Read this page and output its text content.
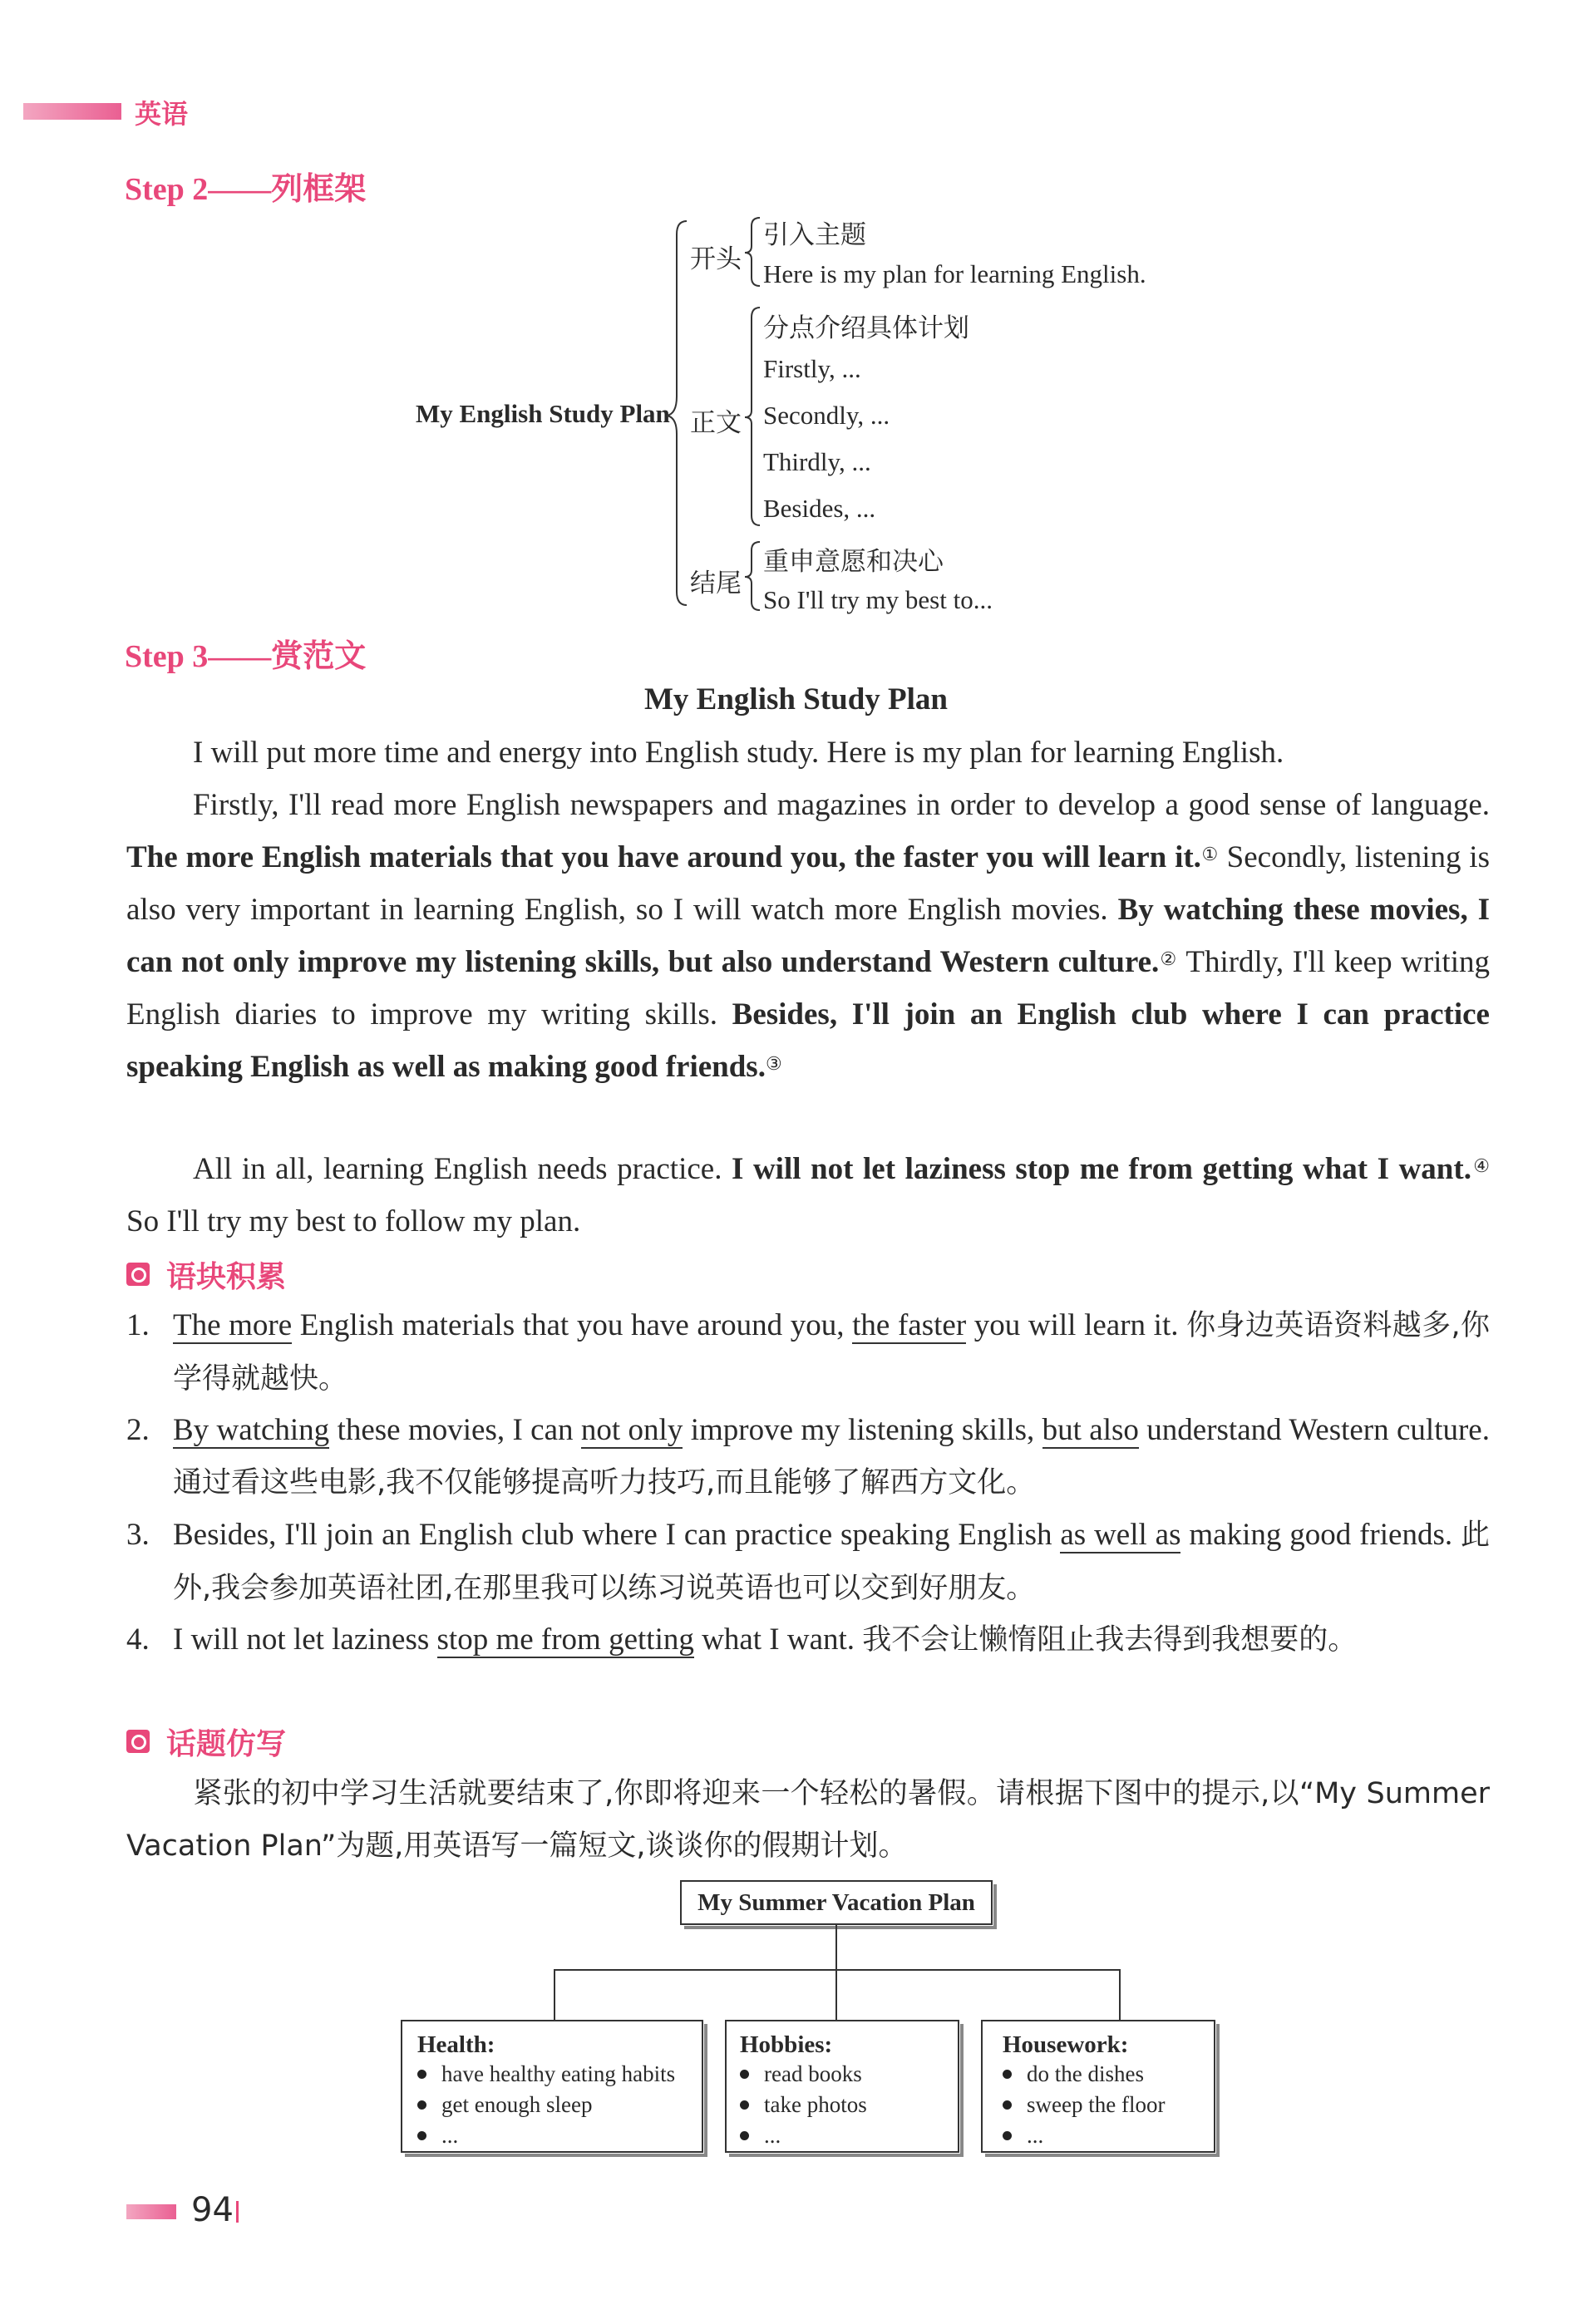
英语
Step 2——列框架
My English Study Plan
开头
引入主题
Here is my plan for learning English.
正文
分点介绍具体计划
Firstly, ...
Secondly, ...
Thirdly, ...
Besides, ...
结尾
重申意愿和决心
So I'll try my best to...
Step 3——赏范文
My English Study Plan
I will put more time and energy into English study. Here is my plan for learning English.
Firstly, I'll read more English newspapers and magazines in order to develop a good sense of language. The more English materials that you have around you, the faster you will learn it.① Secondly, listening is also very important in learning English, so I will watch more English movies. By watching these movies, I can not only improve my listening skills, but also understand Western culture.② Thirdly, I'll keep writing English diaries to improve my writing skills. Besides, I'll join an English club where I can practice speaking English as well as making good friends.③
All in all, learning English needs practice. I will not let laziness stop me from getting what I want.④ So I'll try my best to follow my plan.
语块积累
1. The more English materials that you have around you, the faster you will learn it. 你身边英语资料越多,你学得就越快。
2. By watching these movies, I can not only improve my listening skills, but also understand Western culture. 通过看这些电影,我不仅能够提高听力技巧,而且能够了解西方文化。
3. Besides, I'll join an English club where I can practice speaking English as well as making good friends. 此外,我会参加英语社团,在那里我可以练习说英语也可以交到好朋友。
4. I will not let laziness stop me from getting what I want. 我不会让懒惰阻止我去得到我想要的。
话题仿写
紧张的初中学习生活就要结束了,你即将迎来一个轻松的暑假。请根据下图中的提示,以“My Summer Vacation Plan”为题,用英语写一篇短文,谈谈你的假期计划。
My Summer Vacation Plan
Health:
have healthy eating habits
get enough sleep
...
Hobbies:
read books
take photos
...
Housework:
do the dishes
sweep the floor
...
94
